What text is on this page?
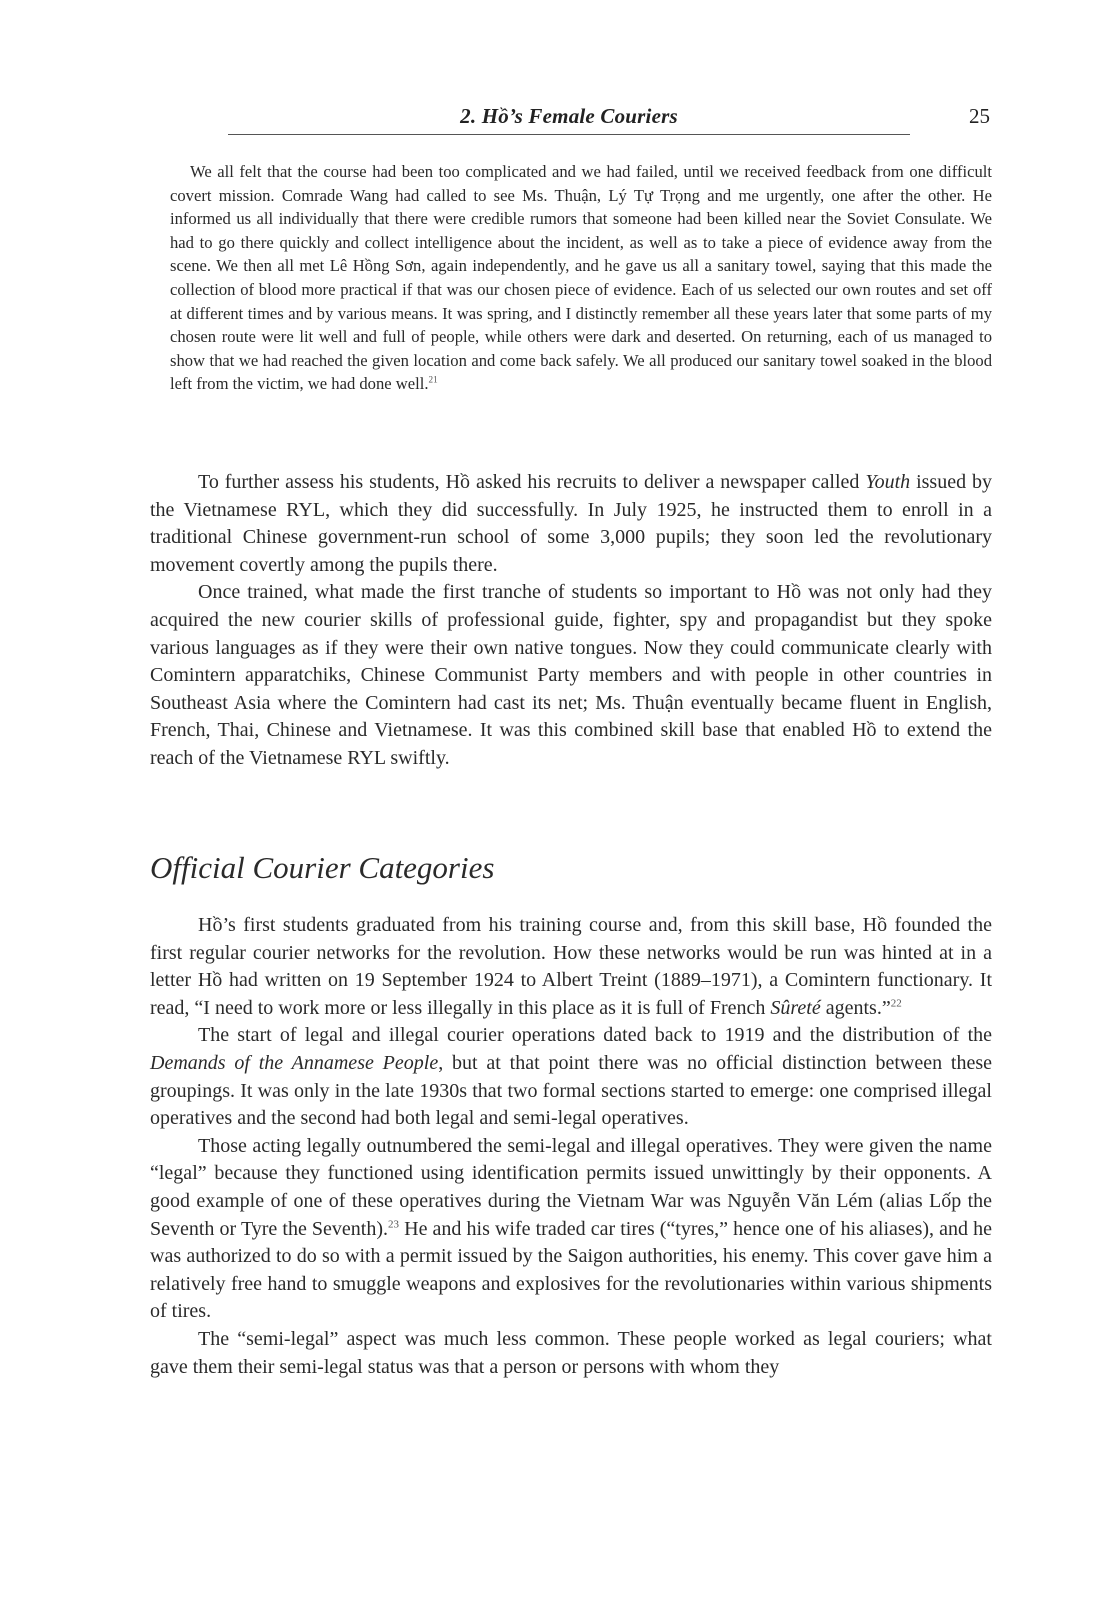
2. Hồ’s Female Couriers	25

We all felt that the course had been too complicated and we had failed, until we received feedback from one difficult covert mission. Comrade Wang had called to see Ms. Thuận, Lý Tự Trọng and me urgently, one after the other. He informed us all individually that there were credible rumors that someone had been killed near the Soviet Consulate. We had to go there quickly and collect intelligence about the incident, as well as to take a piece of evidence away from the scene. We then all met Lê Hồng Sơn, again independently, and he gave us all a sanitary towel, saying that this made the collection of blood more practical if that was our chosen piece of evidence. Each of us selected our own routes and set off at different times and by various means. It was spring, and I distinctly remember all these years later that some parts of my chosen route were lit well and full of people, while others were dark and deserted. On returning, each of us managed to show that we had reached the given location and come back safely. We all produced our sanitary towel soaked in the blood left from the victim, we had done well.$^{21}$

To further assess his students, Hồ asked his recruits to deliver a newspaper called Youth issued by the Vietnamese RYL, which they did successfully. In July 1925, he instructed them to enroll in a traditional Chinese government-run school of some 3,000 pupils; they soon led the revolutionary movement covertly among the pupils there.

Once trained, what made the first tranche of students so important to Hồ was not only had they acquired the new courier skills of professional guide, fighter, spy and propagandist but they spoke various languages as if they were their own native tongues. Now they could communicate clearly with Comintern apparatchiks, Chinese Communist Party members and with people in other countries in Southeast Asia where the Comintern had cast its net; Ms. Thuận eventually became fluent in English, French, Thai, Chinese and Vietnamese. It was this combined skill base that enabled Hồ to extend the reach of the Vietnamese RYL swiftly.

Official Courier Categories

Hồ’s first students graduated from his training course and, from this skill base, Hồ founded the first regular courier networks for the revolution. How these networks would be run was hinted at in a letter Hồ had written on 19 September 1924 to Albert Treint (1889–1971), a Comintern functionary. It read, “I need to work more or less illegally in this place as it is full of French Sûreté agents.”$^{22}$

The start of legal and illegal courier operations dated back to 1919 and the distribution of the Demands of the Annamese People, but at that point there was no official distinction between these groupings. It was only in the late 1930s that two formal sections started to emerge: one comprised illegal operatives and the second had both legal and semi-legal operatives.

Those acting legally outnumbered the semi-legal and illegal operatives. They were given the name “legal” because they functioned using identification permits issued unwittingly by their opponents. A good example of one of these operatives during the Vietnam War was Nguyễn Văn Lém (alias Lốp the Seventh or Tyre the Seventh).$^{23}$ He and his wife traded car tires (“tyres,” hence one of his aliases), and he was authorized to do so with a permit issued by the Saigon authorities, his enemy. This cover gave him a relatively free hand to smuggle weapons and explosives for the revolutionaries within various shipments of tires.

The “semi-legal” aspect was much less common. These people worked as legal couriers; what gave them their semi-legal status was that a person or persons with whom they
